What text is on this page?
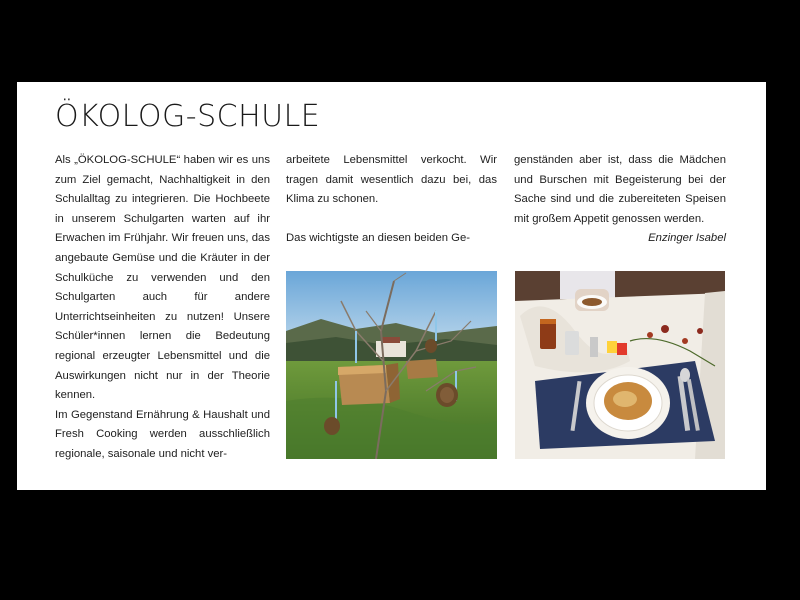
ÖKOLOG-SCHULE

Als „ÖKOLOG-SCHULE“ haben wir es uns zum Ziel gemacht, Nachhaltigkeit in den Schulalltag zu integrieren. Die Hochbeete in unserem Schulgarten warten auf ihr Erwachen im Frühjahr. Wir freuen uns, das angebaute Gemüse und die Kräuter in der Schulküche zu verwenden und den Schulgarten auch für andere Unterrichtseinheiten zu nutzen! Unsere Schüler*innen lernen die Bedeutung regional erzeugter Lebensmittel und die Auswirkungen nicht nur in der Theorie kennen.

Im Gegenstand Ernährung & Haushalt und Fresh Cooking werden ausschließlich regionale, saisonale und nicht ver-

arbeitete Lebensmittel verkocht. Wir tragen damit wesentlich dazu bei, das Klima zu schonen.

Das wichtigste an diesen beiden Ge-

genständen aber ist, dass die Mädchen und Burschen mit Begeisterung bei der Sache sind und die zubereiteten Speisen mit großem Appetit genossen werden.

Enzinger Isabel
